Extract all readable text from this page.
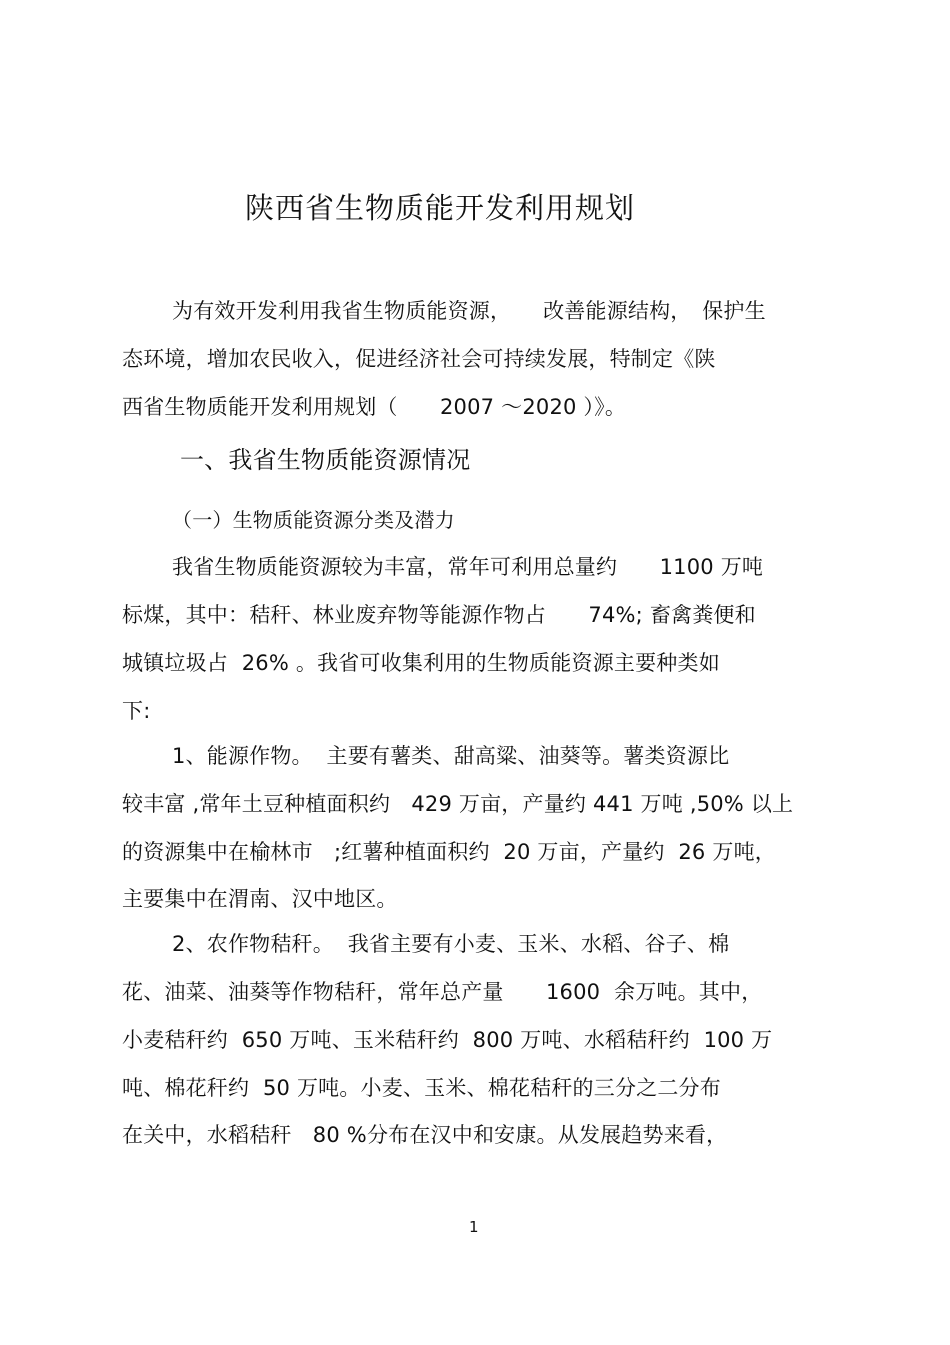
陕西省生物质能开发利用规划
为有效开发利用我省生物质能资源，　　改善能源结构，　保护生
态环境，增加农民收入，促进经济社会可持续发展，特制定《陕
西省生物质能开发利用规划（　　2007 ～2020 ）》。
一、我省生物质能资源情况
（一）生物质能资源分类及潜力
我省生物质能资源较为丰富，常年可利用总量约　　1100 万吨
标煤，其中：秸秆、林业废弃物等能源作物占　　74%; 畜禽粪便和
城镇垃圾占  26% 。我省可收集利用的生物质能资源主要种类如
下:
1、能源作物。  主要有薯类、甜高粱、油葵等。薯类资源比
较丰富 ,常年土豆种植面积约　429 万亩，产量约 441 万吨 ,50% 以上
的资源集中在榆林市　;红薯种植面积约  20 万亩，产量约  26 万吨，
主要集中在渭南、汉中地区。
2、农作物秸秆。  我省主要有小麦、玉米、水稻、谷子、棉
花、油菜、油葵等作物秸秆，常年总产量　　1600  余万吨。其中，
小麦秸秆约  650 万吨、玉米秸秆约  800 万吨、水稻秸秆约  100 万
吨、棉花秆约  50 万吨。小麦、玉米、棉花秸秆的三分之二分布
在关中，水稻秸秆　80 %分布在汉中和安康。从发展趋势来看，
1
